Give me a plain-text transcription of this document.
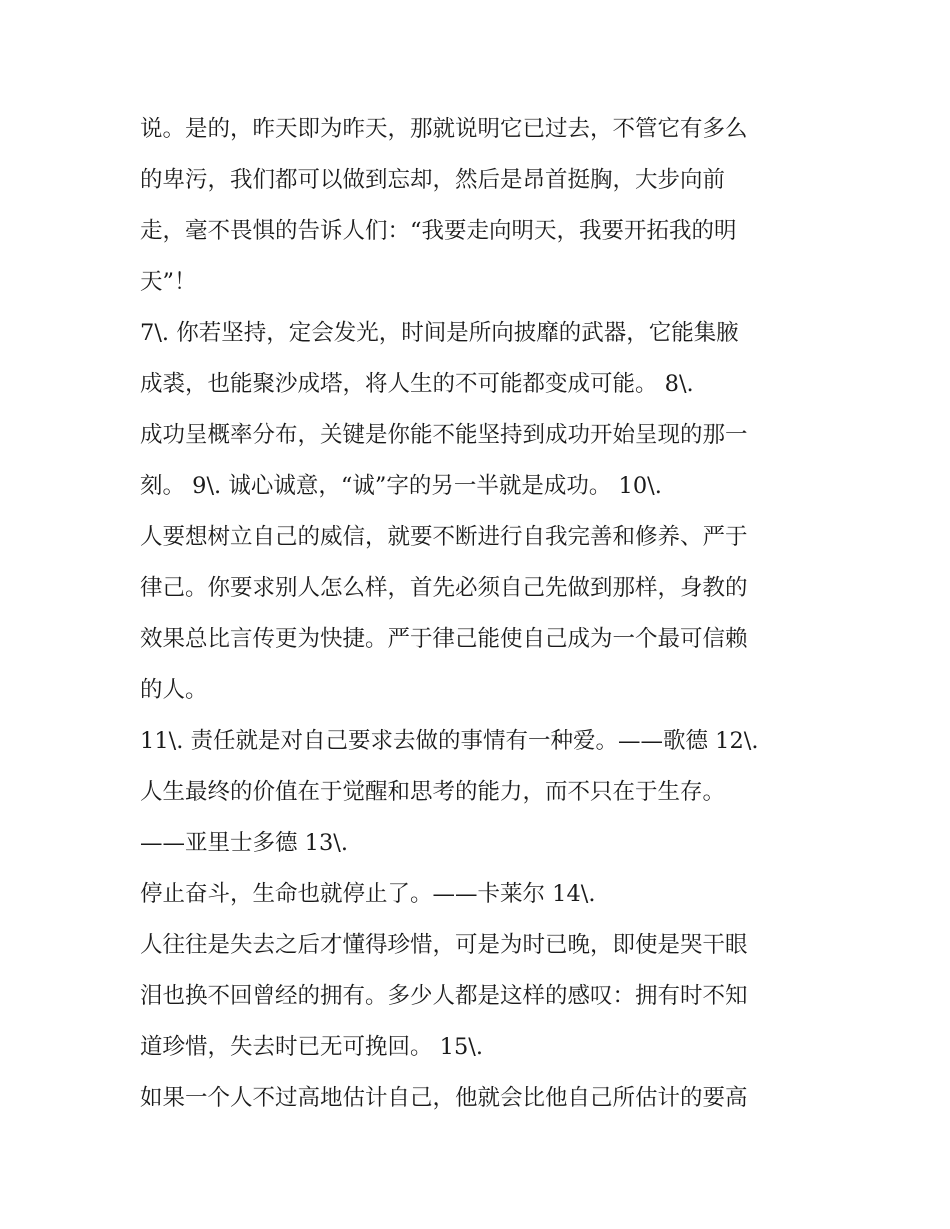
说。是的，昨天即为昨天，那就说明它已过去，不管它有多么
的卑污，我们都可以做到忘却，然后是昂首挺胸，大步向前
走，毫不畏惧的告诉人们：“我要走向明天，我要开拓我的明
天”！
7\. 你若坚持，定会发光，时间是所向披靡的武器，它能集腋
成裘，也能聚沙成塔，将人生的不可能都变成可能。 8\.
成功呈概率分布，关键是你能不能坚持到成功开始呈现的那一
刻。 9\. 诚心诚意，“诚”字的另一半就是成功。 10\.
人要想树立自己的威信，就要不断进行自我完善和修养、严于
律己。你要求别人怎么样，首先必须自己先做到那样，身教的
效果总比言传更为快捷。严于律己能使自己成为一个最可信赖
的人。
11\. 责任就是对自己要求去做的事情有一种爱。——歌德 12\.
人生最终的价值在于觉醒和思考的能力，而不只在于生存。
——亚里士多德 13\.
停止奋斗，生命也就停止了。——卡莱尔 14\.
人往往是失去之后才懂得珍惜，可是为时已晚，即使是哭干眼
泪也换不回曾经的拥有。多少人都是这样的感叹：拥有时不知
道珍惜，失去时已无可挽回。 15\.
如果一个人不过高地估计自己，他就会比他自己所估计的要高
